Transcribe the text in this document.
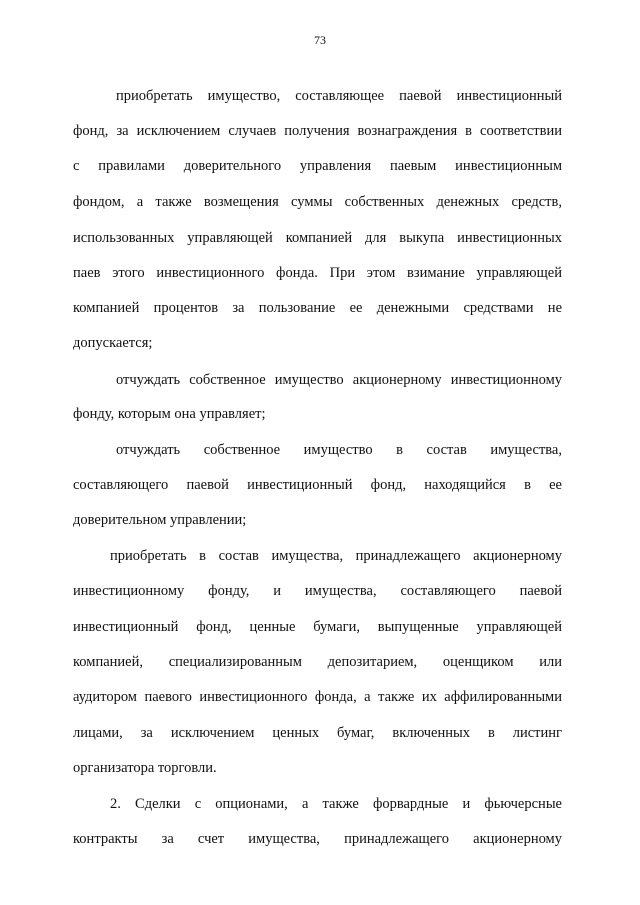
73
приобретать имущество, составляющее паевой инвестиционный
фонд, за исключением случаев получения вознаграждения в соответствии
с правилами доверительного управления паевым инвестиционным
фондом, а также возмещения суммы собственных денежных средств,
использованных управляющей компанией для выкупа инвестиционных
паев этого инвестиционного фонда. При этом взимание управляющей
компанией процентов за пользование ее денежными средствами не
допускается;
отчуждать собственное имущество акционерному инвестиционному
фонду, которым она управляет;
отчуждать собственное имущество в состав имущества,
составляющего паевой инвестиционный фонд, находящийся в ее
доверительном управлении;
приобретать в состав имущества, принадлежащего акционерному
инвестиционному фонду, и имущества, составляющего паевой
инвестиционный фонд, ценные бумаги, выпущенные управляющей
компанией, специализированным депозитарием, оценщиком или
аудитором паевого инвестиционного фонда, а также их аффилированными
лицами, за исключением ценных бумаг, включенных в листинг
организатора торговли.
2. Сделки с опционами, а также форвардные и фьючерсные
контракты за счет имущества, принадлежащего акционерному
